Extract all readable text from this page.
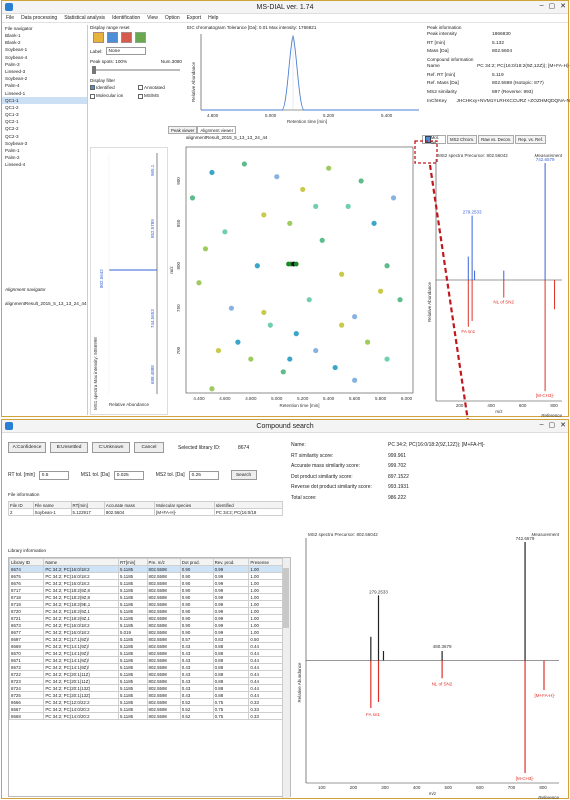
MS-DIAL ver. 1.74	– ▢ ✕
File Data processing Statistical analysis Identification View Option Export Help
File navigator
Blank-1
Blank-2
Soybean-1
Soybean-4
Palm-3
Linseed-3
Soybean-2
Palm-4
Linseed-1
QC1-1
QC1-2
QC1-3
QC2-1
QC2-2
QC2-3
Soybean-3
Palm-1
Palm-2
Linseed-4
Alignment navigator
alignmentResult_2015_5_13_13_24_44
Display range reset
Label:	None
Peak spots: 100%	Num.3080
Display filter
Identified	Annotated
Molecular ion	MS/MS
EIC chromatogram Tolerance [Da]: 0.01 Max intensity: 1766821
4.800	5.000	5.200	5.400
Retention time [min]
Relative Abundance
Peak information
Peak intensity	1866830
RT [min]	5.132
Mass [Da]	802.5604
Compound information
Name	PC 34:2; PC(16:0/18:2(9Z,12Z)); [M+FA-H]-
Ref. RT [min]	5.119
Ref. Mass [Da]	802.5598 (Isotopic: 877)
MS2 similarity	897 (Reverse: 993)
InChIKey	JHCHKxy+NVM1YLRHXCCURZ +ZOZHMQDQNA-N
Peak viewer	Alignment viewer
Mol. sel.	MS2 Chrom.	Raw vs. Decon.	Rep. vs. Ref.
965.1
852.5789
802.5642
744.5653
688.4888
MS1 spectra Max intensity: 5056998 Relative Abundance
alignmentResult_2015_5_13_13_24_44
4.400	4.600	4.800	5.000	5.200	5.400	5.600	5.800	6.000
900
850
800
750
700
Retention time [min]
m/z
200	400	600	800
m/z
Relative Abundance
MS2 spectra Precursor: 802.56042	Measurement
Reference
742.6579
279.2533
NL of SN2
FA sn1
[M-CH3]-
Compound search	– ▢ ✕
A:Confidence	B:Unsettled	C:Unknown	Cancel	Selected library ID:	8674
RT tol. [min]	0.5	MS1 tol. [Da]	0.025	MS2 tol. [Da]	0.25	Search
File information
File ID	File name	RT[min]	Accurate mass	Molecular species	Identified
2	Soybean-1	5.122917	802.5604	[M+FA-H]-	PC 34:2; PC(16:0/18
Library information
Library ID	Name	RT[min]	Pre. m/z	Dot prod.	Rev. prod.	Presense
8674	PC 34:2; PC(16:0/18:2	5.1185	802.5598	0.90	0.99	1.00
8675	PC 34:2; PC(16:0/18:2	5.1185	802.5598	0.90	0.99	1.00
8676	PC 34:2; PC(16:0/18:2	5.1185	802.5598	0.90	0.99	1.00
8717	PC 34:2; PC(18:2(9Z,8	5.1185	802.5598	0.90	0.99	1.00
8718	PC 34:2; PC(18:2(9Z,8	5.1185	802.5598	0.90	0.99	1.00
8719	PC 34:2; PC(18:2(9E,1	5.1185	802.5598	0.90	0.99	1.00
8720	PC 34:2; PC(18:2(9Z,1	5.1185	802.5598	0.90	0.99	1.00
8721	PC 34:2; PC(18:2(9Z,1	5.1185	802.5598	0.90	0.99	1.00
8673	PC 34:2; PC(16:0/18:2	5.1185	802.5598	0.90	0.99	1.00
8677	PC 34:2; PC(16:0/18:2	5.019	802.5598	0.90	0.99	1.00
8697	PC 34:2; PC(17:1(9Z)/	5.1185	802.5598	0.57	0.83	0.50
8669	PC 34:2; PC(14:1(9Z)/	5.1185	802.5598	0.43	0.88	0.44
8670	PC 34:2; PC(14:1(9Z)/	5.1185	802.5598	0.43	0.88	0.44
8671	PC 34:2; PC(14:1(9Z)/	5.1185	802.5598	0.43	0.88	0.44
8672	PC 34:2; PC(14:1(9Z)/	5.1185	802.5598	0.43	0.88	0.44
8722	PC 34:2; PC(20:1(11Z)	5.1185	802.5598	0.43	0.88	0.44
8723	PC 34:2; PC(20:1(11Z)	5.1185	802.5598	0.43	0.88	0.44
8724	PC 34:2; PC(20:1(13Z)	5.1185	802.5598	0.43	0.88	0.44
8725	PC 34:2; PC(20:1(13Z)	5.1185	802.5598	0.43	0.88	0.44
8666	PC 34:2; PC(12:0/22:2	5.1185	802.5598	0.52	0.75	0.33
8667	PC 34:2; PC(14:0/20:2	5.1185	802.5598	0.52	0.75	0.33
8668	PC 34:2; PC(14:0/20:2	5.1185	802.5598	0.52	0.75	0.33
Name:	PC 34:2; PC(16:0/18:2(9Z,12Z)); [M+FA-H]-
RT similarity score:	999.961
Accurate mass similarity score:	999.702
Dot product similarity score:	897.1522
Reverse dot product similarity score:	993.1931
Total score:	986.222
100	200	300	400	500	600	700	800
m/z
Relative Abundance
MS2 spectra Precursor: 802.56042	Measurement
Reference
742.6579
279.2533
480.3679
NL of SN2
FA sn1
[M-CH3]-
[M+FA-H]-
